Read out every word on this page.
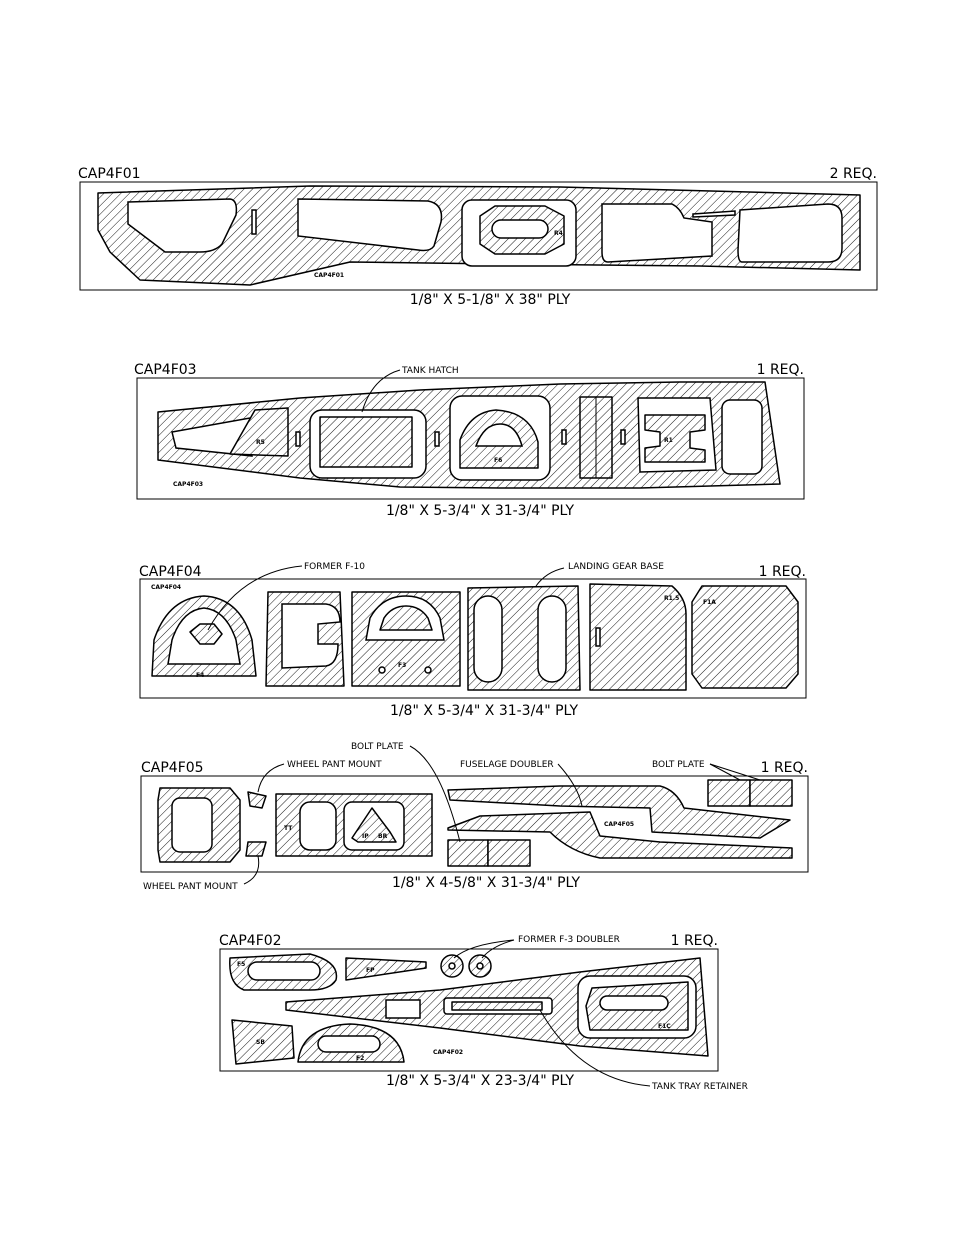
CAP4F01	2 REQ.
CAP4F01
R4
1/8" X 5-1/8" X 38" PLY
CAP4F03	1 REQ.
CAP4F03
F6
R1
R5
TANK HATCH
1/8" X 5-3/4" X 31-3/4" PLY
CAP4F04	1 REQ.
CAP4F04
F4
F3
F1A
R1.5
FORMER F-10	LANDING GEAR BASE
1/8" X 5-3/4" X 31-3/4" PLY
CAP4F05	1 REQ.
CAP4F05
IP BR
TT
BOLT PLATE
WHEEL PANT MOUNT	FUSELAGE DOUBLER	BOLT PLATE
WHEEL PANT MOUNT	1/8" X 4-5/8" X 31-3/4" PLY
CAP4F02	1 REQ.
CAP4F02
F5
SB
FP
F1C
F2
FORMER F-3 DOUBLER
TANK TRAY RETAINER
1/8" X 5-3/4" X 23-3/4" PLY
